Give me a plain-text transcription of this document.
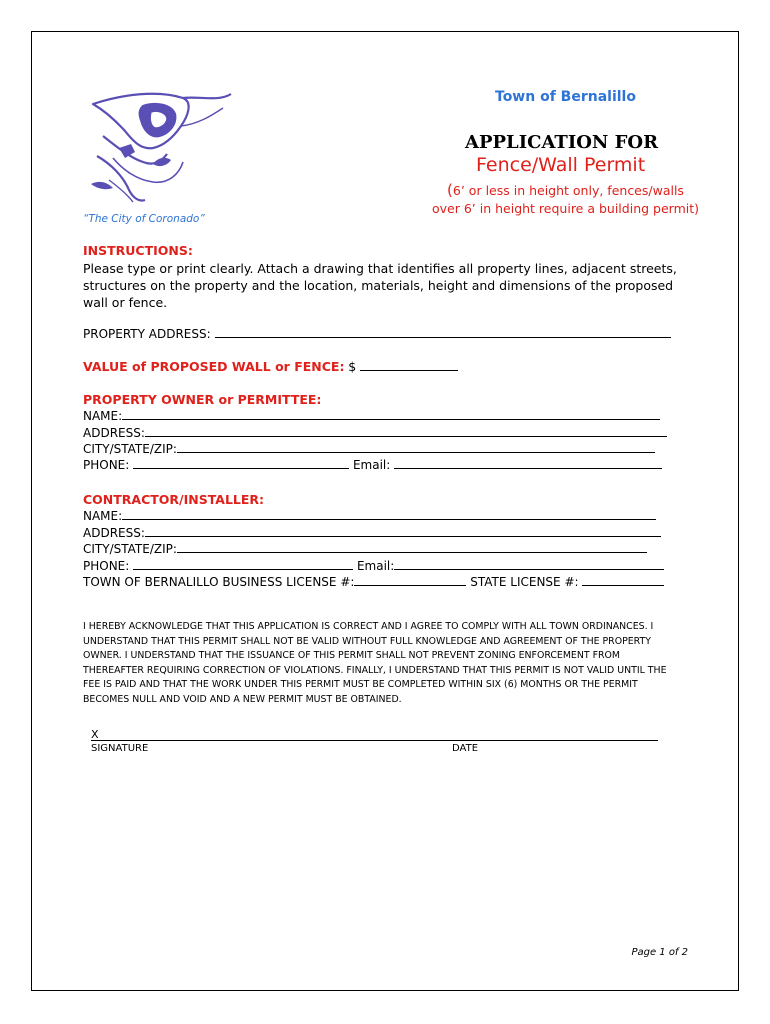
Town of Bernalillo
APPLICATION FOR
Fence/Wall Permit
(6’ or less in height only, fences/walls
over 6’ in height require a building permit)
“The City of Coronado”
INSTRUCTIONS:
Please type or print clearly. Attach a drawing that identifies all property lines, adjacent streets, structures on the property and the location, materials, height and dimensions of the proposed wall or fence.
PROPERTY ADDRESS:
VALUE of PROPOSED WALL or FENCE: $
PROPERTY OWNER or PERMITTEE:
NAME:
ADDRESS:
CITY/STATE/ZIP:
PHONE:	Email:
CONTRACTOR/INSTALLER:
NAME:
ADDRESS:
CITY/STATE/ZIP:
PHONE:	Email:
TOWN OF BERNALILLO BUSINESS LICENSE #:	STATE LICENSE #:
I HEREBY ACKNOWLEDGE THAT THIS APPLICATION IS CORRECT AND I AGREE TO COMPLY WITH ALL TOWN ORDINANCES. I UNDERSTAND THAT THIS PERMIT SHALL NOT BE VALID WITHOUT FULL KNOWLEDGE AND AGREEMENT OF THE PROPERTY OWNER. I UNDERSTAND THAT THE ISSUANCE OF THIS PERMIT SHALL NOT PREVENT ZONING ENFORCEMENT FROM THEREAFTER REQUIRING CORRECTION OF VIOLATIONS. FINALLY, I UNDERSTAND THAT THIS PERMIT IS NOT VALID UNTIL THE FEE IS PAID AND THAT THE WORK UNDER THIS PERMIT MUST BE COMPLETED WITHIN SIX (6) MONTHS OR THE PERMIT BECOMES NULL AND VOID AND A NEW PERMIT MUST BE OBTAINED.
X
SIGNATURE	DATE
Page 1 of 2
